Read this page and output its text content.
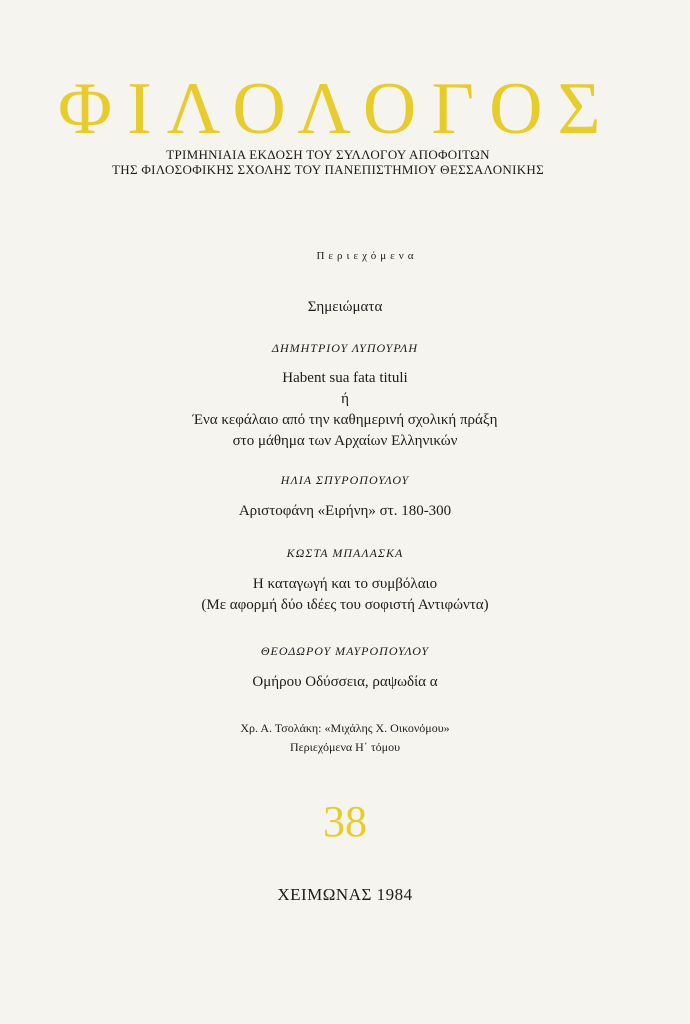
ΦΙΛΟΛΟΓΟΣ
ΤΡΙΜΗΝΙΑΙΑ ΕΚΔΟΣΗ ΤΟΥ ΣΥΛΛΟΓΟΥ ΑΠΟΦΟΙΤΩΝ
ΤΗΣ ΦΙΛΟΣΟΦΙΚΗΣ ΣΧΟΛΗΣ ΤΟΥ ΠΑΝΕΠΙΣΤΗΜΙΟΥ ΘΕΣΣΑΛΟΝΙΚΗΣ
Περιεχόμενα
Σημειώματα
ΔΗΜΗΤΡΙΟΥ ΛΥΠΟΥΡΛΗ
Habent sua fata tituli
ή
Ένα κεφάλαιο από την καθημερινή σχολική πράξη
στο μάθημα των Αρχαίων Ελληνικών
ΗΛΙΑ ΣΠΥΡΟΠΟΥΛΟΥ
Αριστοφάνη «Ειρήνη» στ. 180-300
ΚΩΣΤΑ ΜΠΑΛΑΣΚΑ
Η καταγωγή και το συμβόλαιο
(Με αφορμή δύο ιδέες του σοφιστή Αντιφώντα)
ΘΕΟΔΩΡΟΥ ΜΑΥΡΟΠΟΥΛΟΥ
Ομήρου Οδύσσεια, ραψωδία α
Χρ. Α. Τσολάκη: «Μιχάλης Χ. Οικονόμου»
Περιεχόμενα Η΄ τόμου
38
ΧΕΙΜΩΝΑΣ 1984
